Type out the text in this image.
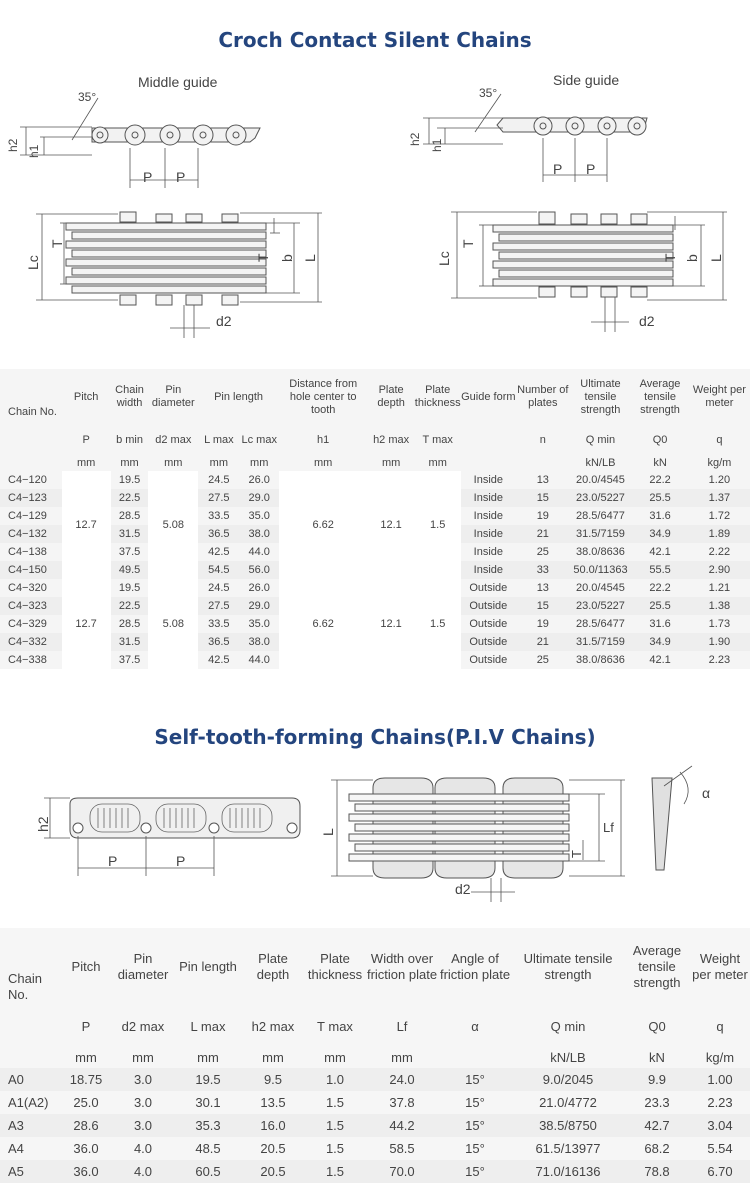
Croch Contact Silent Chains
Middle guide
35°
h2 h1
P P
Lc
T
T b L
d2
Side guide
35°
h2 h1
P P
Lc
T
T b L
d2
Chain No.	Pitch	Chain width	Pin diameter	Pin length		Distance from hole center to tooth	Plate depth	Plate thickness	Guide form	Number of plates	Ultimate tensile strength	Average tensile strength	Weight per meter
	P	b min	d2 max	L max	Lc max	h1	h2 max	T max		n	Q min	Q0	q
	mm	mm	mm	mm	mm	mm	mm	mm			kN/LB	kN	kg/m
C4−120	12.7	19.5	5.08	24.5	26.0	6.62	12.1	1.5	Inside	13	20.0/4545	22.2	1.20
C4−123		22.5		27.5	29.0				Inside	15	23.0/5227	25.5	1.37
C4−129		28.5		33.5	35.0				Inside	19	28.5/6477	31.6	1.72
C4−132		31.5		36.5	38.0				Inside	21	31.5/7159	34.9	1.89
C4−138		37.5		42.5	44.0				Inside	25	38.0/8636	42.1	2.22
C4−150		49.5		54.5	56.0				Inside	33	50.0/11363	55.5	2.90
C4−320	12.7	19.5	5.08	24.5	26.0	6.62	12.1	1.5	Outside	13	20.0/4545	22.2	1.21
C4−323		22.5		27.5	29.0				Outside	15	23.0/5227	25.5	1.38
C4−329		28.5		33.5	35.0				Outside	19	28.5/6477	31.6	1.73
C4−332		31.5		36.5	38.0				Outside	21	31.5/7159	34.9	1.90
C4−338		37.5		42.5	44.0				Outside	25	38.0/8636	42.1	2.23
Self-tooth-forming Chains(P.I.V Chains)
h2
P	P
L
T
Lf
d2
α
Chain No.	Pitch	Pin diameter	Pin length	Plate depth	Plate thickness	Width over friction plate	Angle of friction plate	Ultimate tensile strength	Average tensile strength	Weight per meter
	P	d2 max	L max	h2 max	T max	Lf	α	Q min	Q0	q
	mm	mm	mm	mm	mm	mm		kN/LB	kN	kg/m
A0	18.75	3.0	19.5	9.5	1.0	24.0	15°	9.0/2045	9.9	1.00
A1(A2)	25.0	3.0	30.1	13.5	1.5	37.8	15°	21.0/4772	23.3	2.23
A3	28.6	3.0	35.3	16.0	1.5	44.2	15°	38.5/8750	42.7	3.04
A4	36.0	4.0	48.5	20.5	1.5	58.5	15°	61.5/13977	68.2	5.54
A5	36.0	4.0	60.5	20.5	1.5	70.0	15°	71.0/16136	78.8	6.70
